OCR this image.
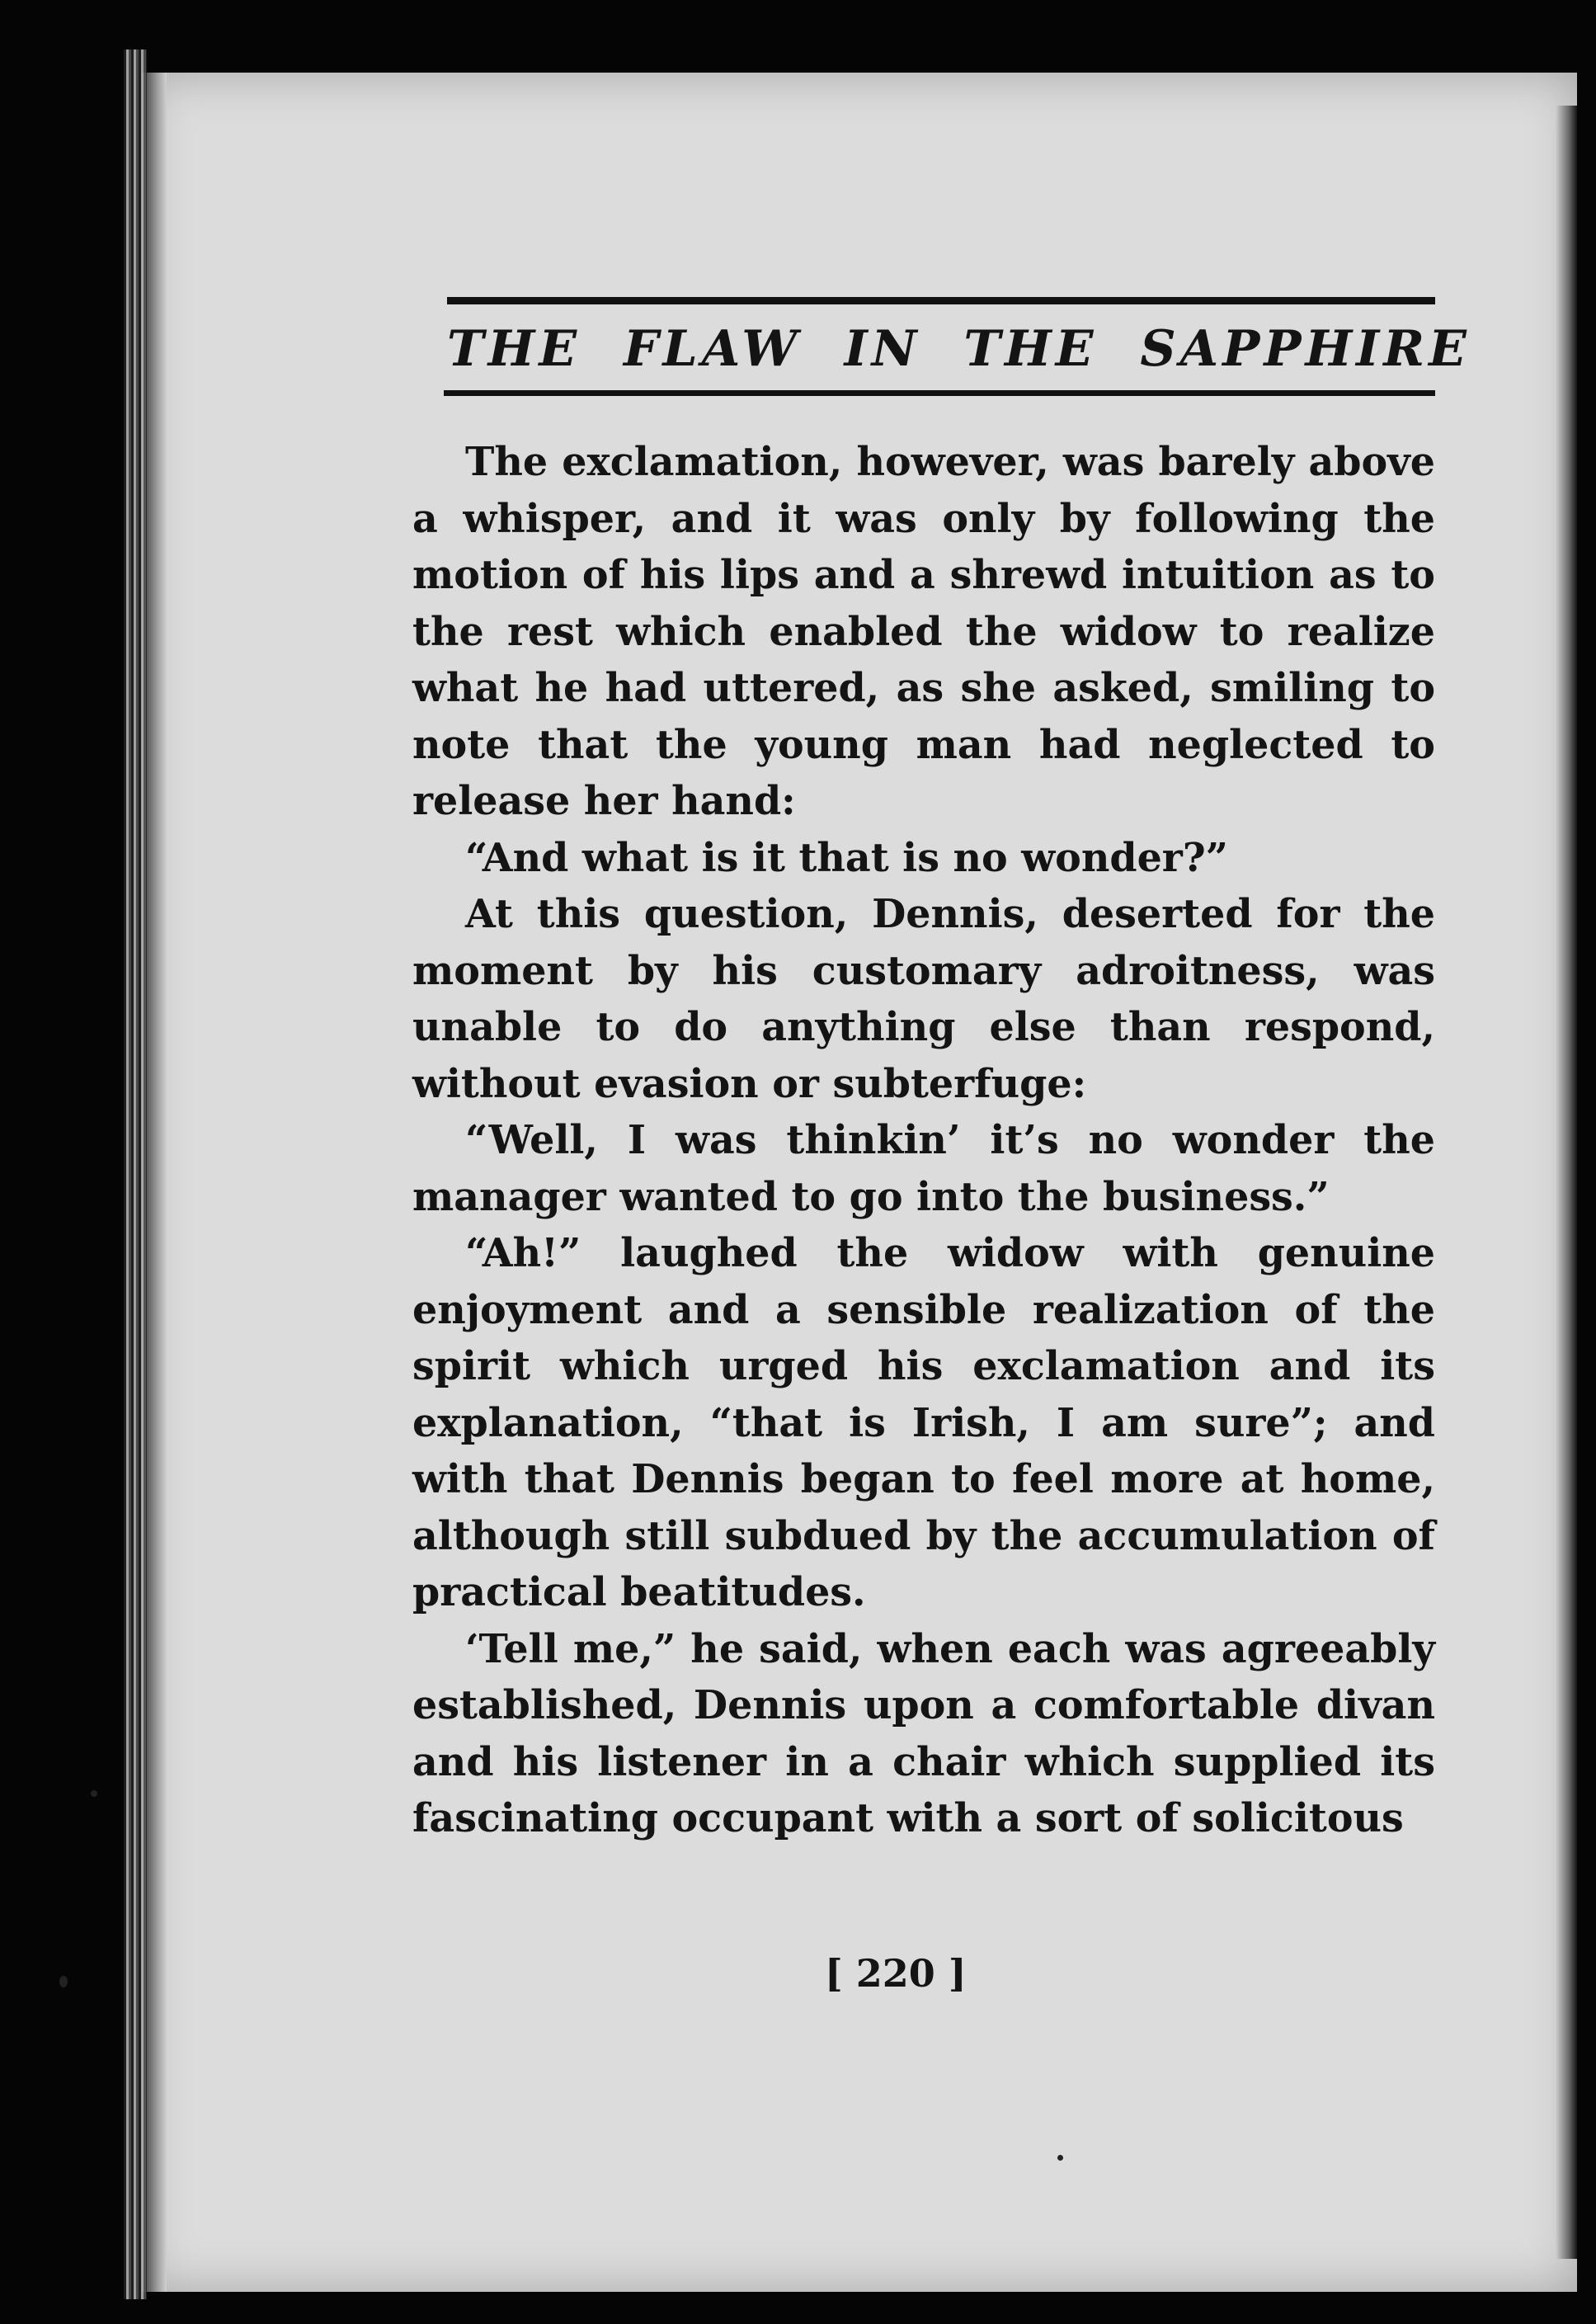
THE FLAW IN THE SAPPHIRE

The exclamation, however, was barely above a whisper, and it was only by following the motion of his lips and a shrewd intuition as to the rest which enabled the widow to realize what he had uttered, as she asked, smiling to note that the young man had neglected to release her hand:

“And what is it that is no wonder?”

At this question, Dennis, deserted for the moment by his customary adroitness, was unable to do anything else than respond, without evasion or subterfuge:

“Well, I was thinkin’ it’s no wonder the manager wanted to go into the business.”

“Ah!” laughed the widow with genuine enjoyment and a sensible realization of the spirit which urged his exclamation and its explanation, “that is Irish, I am sure”; and with that Dennis began to feel more at home, although still subdued by the accumulation of practical beatitudes.

‘Tell me,” he said, when each was agreeably established, Dennis upon a comfortable divan and his listener in a chair which supplied its fascinating occupant with a sort of solicitous

[ 220 ]
